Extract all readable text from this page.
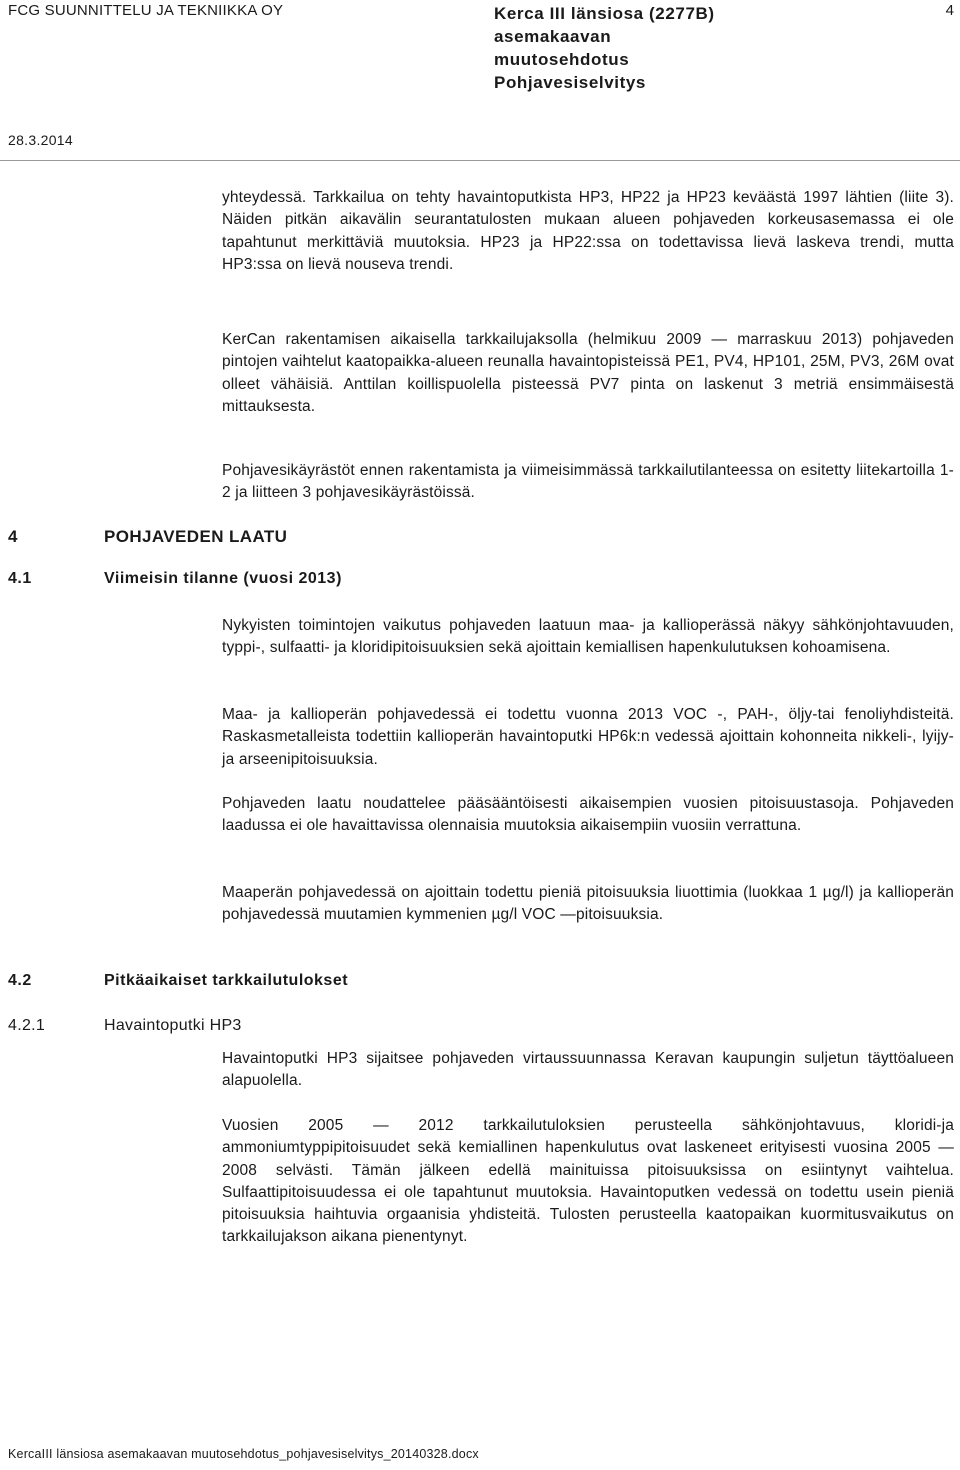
FCG SUUNNITTELU JA TEKNIIKKA OY	Kerca III länsiosa (2277B) asemakaavan muutosehdotus Pohjavesiselvitys
4
28.3.2014
yhteydessä. Tarkkailua on tehty havaintoputkista HP3, HP22 ja HP23 keväästä 1997 lähtien (liite 3). Näiden pitkän aikavälin seurantatulosten mukaan alueen pohjaveden korkeusasemassa ei ole tapahtunut merkittäviä muutoksia. HP23 ja HP22:ssa on todettavissa lievä laskeva trendi, mutta HP3:ssa on lievä nouseva trendi.
KerCan rakentamisen aikaisella tarkkailujaksolla (helmikuu 2009 — marraskuu 2013) pohjaveden pintojen vaihtelut kaatopaikka-alueen reunalla havaintopisteissä PE1, PV4, HP101, 25M, PV3, 26M ovat olleet vähäisiä. Anttilan koillispuolella pisteessä PV7 pinta on laskenut 3 metriä ensimmäisestä mittauksesta.
Pohjavesikäyrästöt ennen rakentamista ja viimeisimmässä tarkkailutilanteessa on esitetty liitekartoilla 1-2 ja liitteen 3 pohjavesikäyrästöissä.
4	POHJAVEDEN LAATU
4.1	Viimeisin tilanne (vuosi 2013)
Nykyisten toimintojen vaikutus pohjaveden laatuun maa- ja kallioperässä näkyy sähkönjohtavuuden, typpi-, sulfaatti- ja kloridipitoisuuksien sekä ajoittain kemiallisen hapenkulutuksen kohoamisena.
Maa- ja kallioperän pohjavedessä ei todettu vuonna 2013 VOC -, PAH-, öljy-tai fenoliyhdisteitä. Raskasmetalleista todettiin kallioperän havaintoputki HP6k:n vedessä ajoittain kohonneita nikkeli-, lyijy- ja arseenipitoisuuksia.
Pohjaveden laatu noudattelee pääsääntöisesti aikaisempien vuosien pitoisuustasoja. Pohjaveden laadussa ei ole havaittavissa olennaisia muutoksia aikaisempiin vuosiin verrattuna.
Maaperän pohjavedessä on ajoittain todettu pieniä pitoisuuksia liuottimia (luokkaa 1 µg/l) ja kallioperän pohjavedessä muutamien kymmenien µg/l VOC —pitoisuuksia.
4.2	Pitkäaikaiset tarkkailutulokset
4.2.1	Havaintoputki HP3
Havaintoputki HP3 sijaitsee pohjaveden virtaussuunnassa Keravan kaupungin suljetun täyttöalueen alapuolella.
Vuosien 2005 — 2012 tarkkailutuloksien perusteella sähkönjohtavuus, kloridi-ja ammoniumtyppipitoisuudet sekä kemiallinen hapenkulutus ovat laskeneet erityisesti vuosina 2005 — 2008 selvästi. Tämän jälkeen edellä mainituissa pitoisuuksissa on esiintynyt vaihtelua. Sulfaattipitoisuudessa ei ole tapahtunut muutoksia. Havaintoputken vedessä on todettu usein pieniä pitoisuuksia haihtuvia orgaanisia yhdisteitä. Tulosten perusteella kaatopaikan kuormitusvaikutus on tarkkailujakson aikana pienentynyt.
KercaIII länsiosa asemakaavan muutosehdotus_pohjavesiselvitys_20140328.docx
